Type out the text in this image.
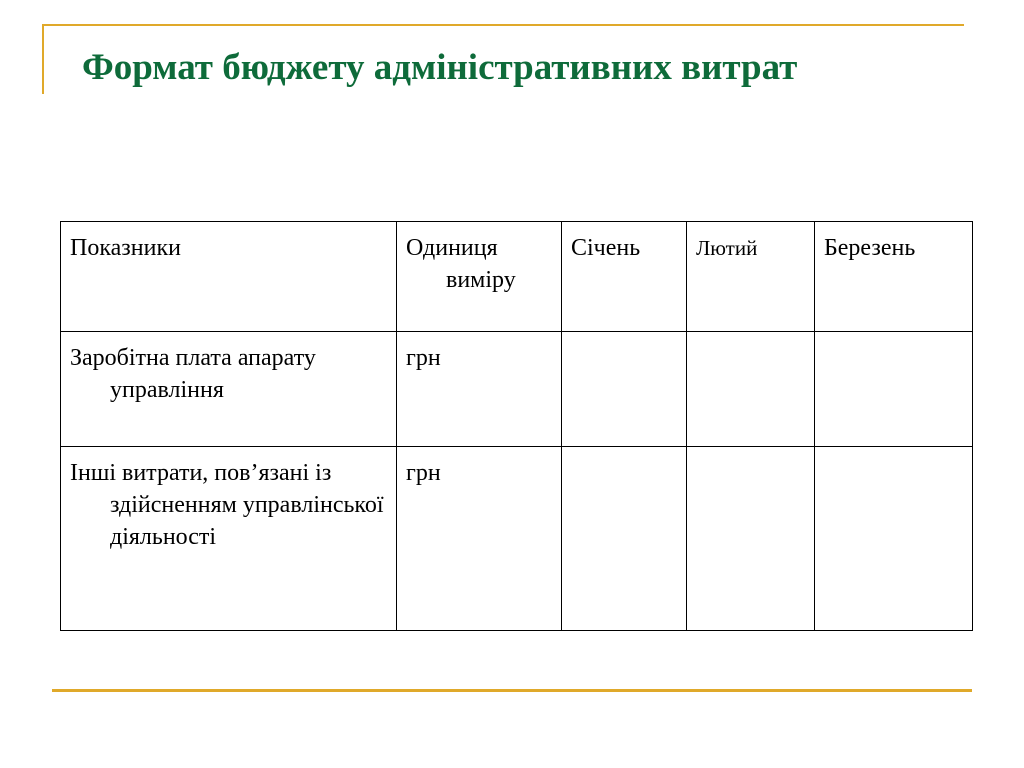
Формат бюджету адміністративних витрат
Показники	Одиниця виміру	Січень	Лютий	Березень

Заробітна плата апарату управління	грн			

Інші витрати, пов’язані із здійсненням управлінської діяльності	грн			
